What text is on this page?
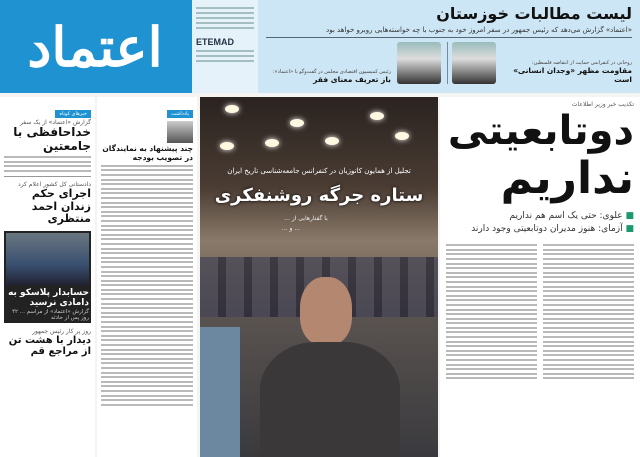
اعتماد	ETEMAD
لیست مطالبات خوزستان
«اعتماد» گزارش می‌دهد که رئیس جمهور در سفر امروز خود به جنوب با چه خواسته‌هایی روبرو خواهد بود
روحانی در کنفرانس حمایت از انتفاضه فلسطین:
مقاومت مظهر «وجدان انسانی» است
رئیس کمیسیون اقتصادی مجلس در گفت‌وگو با «اعتماد»:
باز تعریف معنای فقر
تکذیب خبر وزیر اطلاعات
دوتابعیتی
نداریم
■ علوی: حتی یک اسم هم نداریم
■ آزمای: هنوز مدیران دوتابعیتی وجود دارند
تجلیل از همایون کاتوزیان در کنفرانس جامعه‌شناسی تاریخ ایران
ستاره جرگه روشنفکری
با گفتارهایی از ...
... و ...
یادداشت
چند پیشنهاد به نمایندگان در تصویب بودجه
خبرهای کوتاه
گزارش «اعتماد» از یک سفر
خداحافظی با جامعتین
دادستانی کل کشور اعلام کرد
اجرای حکم زندان احمد منتظری
حسابدار پلاسکو به دامادی نرسید
گزارش «اعتماد» از مراسم ... ۴۲ روز پس از حادثه
روز پر کار رئیس جمهور
دیدار با هشت تن از مراجع قم
